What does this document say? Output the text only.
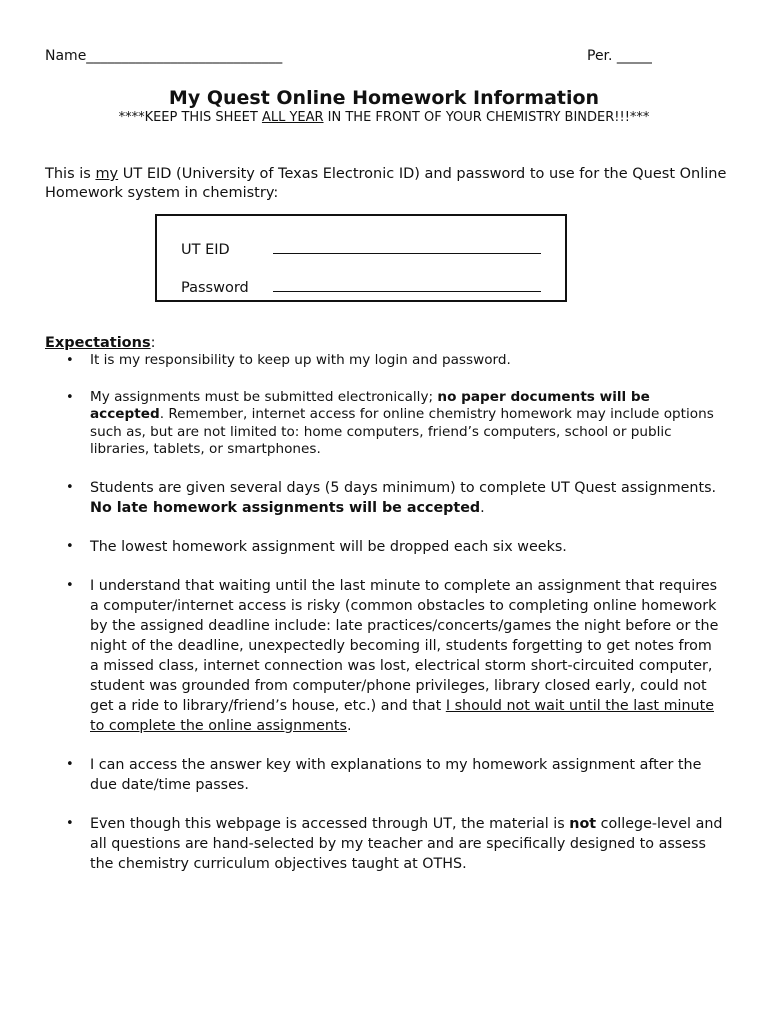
Name____________________________	Per. _____
My Quest Online Homework Information
****KEEP THIS SHEET ALL YEAR IN THE FRONT OF YOUR CHEMISTRY BINDER!!!***
This is my UT EID (University of Texas Electronic ID) and password to use for the Quest Online Homework system in chemistry:
UT EID
Password
Expectations:
• It is my responsibility to keep up with my login and password.
• My assignments must be submitted electronically; no paper documents will be accepted. Remember, internet access for online chemistry homework may include options such as, but are not limited to: home computers, friend’s computers, school or public libraries, tablets, or smartphones.
• Students are given several days (5 days minimum) to complete UT Quest assignments. No late homework assignments will be accepted.
• The lowest homework assignment will be dropped each six weeks.
• I understand that waiting until the last minute to complete an assignment that requires a computer/internet access is risky (common obstacles to completing online homework by the assigned deadline include: late practices/concerts/games the night before or the night of the deadline, unexpectedly becoming ill, students forgetting to get notes from a missed class, internet connection was lost, electrical storm short-circuited computer, student was grounded from computer/phone privileges, library closed early, could not get a ride to library/friend’s house, etc.) and that I should not wait until the last minute to complete the online assignments.
• I can access the answer key with explanations to my homework assignment after the due date/time passes.
• Even though this webpage is accessed through UT, the material is not college-level and all questions are hand-selected by my teacher and are specifically designed to assess the chemistry curriculum objectives taught at OTHS.
